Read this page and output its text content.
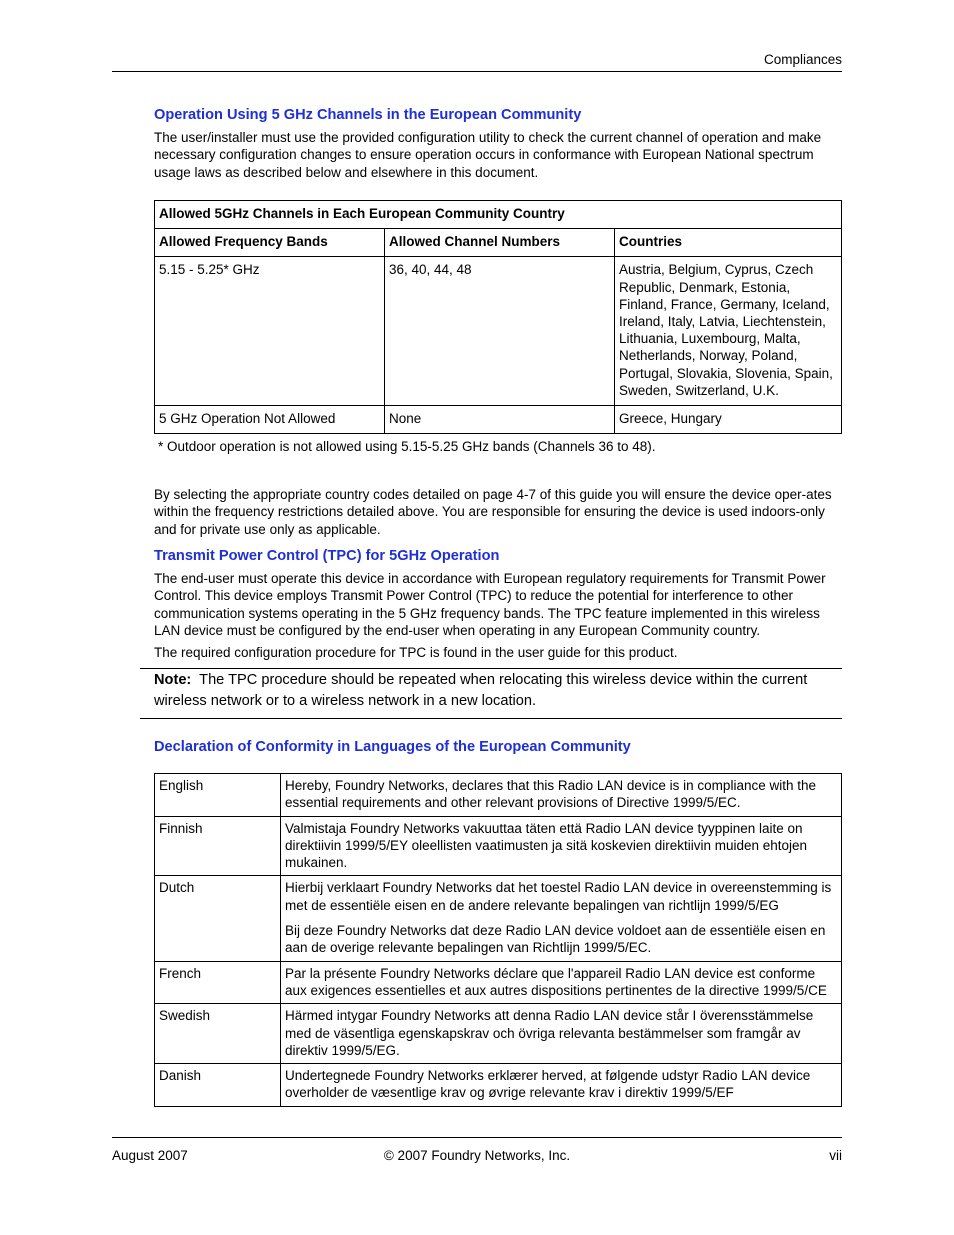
Compliances
Operation Using 5 GHz Channels in the European Community

The user/installer must use the provided configuration utility to check the current channel of operation and make necessary configuration changes to ensure operation occurs in conformance with European National spectrum usage laws as described below and elsewhere in this document.

Allowed 5GHz Channels in Each European Community Country		
Allowed Frequency Bands	Allowed Channel Numbers	Countries
5.15 - 5.25* GHz	36, 40, 44, 48	Austria, Belgium, Cyprus, Czech Republic, Denmark, Estonia, Finland, France, Germany, Iceland, Ireland, Italy, Latvia, Liechtenstein, Lithuania, Luxembourg, Malta, Netherlands, Norway, Poland, Portugal, Slovakia, Slovenia, Spain, Sweden, Switzerland, U.K.
5 GHz Operation Not Allowed	None	Greece, Hungary
* Outdoor operation is not allowed using 5.15-5.25 GHz bands (Channels 36 to 48).

By selecting the appropriate country codes detailed on page 4-7 of this guide you will ensure the device oper-ates within the frequency restrictions detailed above. You are responsible for ensuring the device is used indoors-only and for private use only as applicable.

Transmit Power Control (TPC) for 5GHz Operation

The end-user must operate this device in accordance with European regulatory requirements for Transmit Power Control. This device employs Transmit Power Control (TPC) to reduce the potential for interference to other communication systems operating in the 5 GHz frequency bands. The TPC feature implemented in this wireless LAN device must be configured by the end-user when operating in any European Community country.

The required configuration procedure for TPC is found in the user guide for this product.

Note: The TPC procedure should be repeated when relocating this wireless device within the current wireless network or to a wireless network in a new location.
Declaration of Conformity in Languages of the European Community
English	Hereby, Foundry Networks, declares that this Radio LAN device is in compliance with the essential requirements and other relevant provisions of Directive 1999/5/EC.

Finnish	Valmistaja Foundry Networks vakuuttaa täten että Radio LAN device tyyppinen laite on direktiivin 1999/5/EY oleellisten vaatimusten ja sitä koskevien direktiivin muiden ehtojen mukainen.

Dutch	Hierbij verklaart Foundry Networks dat het toestel Radio LAN device in overeenstemming is met de essentiële eisen en de andere relevante bepalingen van richtlijn 1999/5/EG

Bij deze Foundry Networks dat deze Radio LAN device voldoet aan de essentiële eisen en aan de overige relevante bepalingen van Richtlijn 1999/5/EC.

French	Par la présente Foundry Networks déclare que l'appareil Radio LAN device est conforme aux exigences essentielles et aux autres dispositions pertinentes de la directive 1999/5/CE

Swedish	Härmed intygar Foundry Networks att denna Radio LAN device står I överensstämmelse med de väsentliga egenskapskrav och övriga relevanta bestämmelser som framgår av direktiv 1999/5/EG.

Danish	Undertegnede Foundry Networks erklærer herved, at følgende udstyr Radio LAN device overholder de væsentlige krav og øvrige relevante krav i direktiv 1999/5/EF

August 2007	© 2007 Foundry Networks, Inc.	vii
